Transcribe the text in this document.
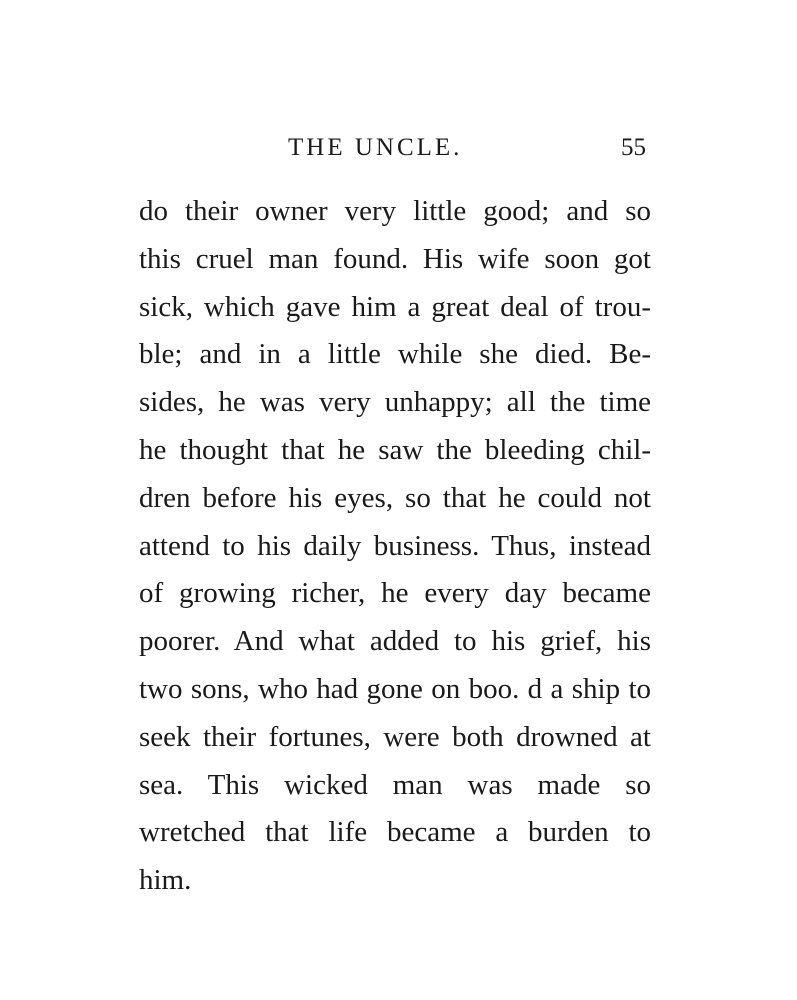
THE UNCLE.	55
do their owner very little good; and so
this cruel man found. His wife soon got
sick, which gave him a great deal of trou-
ble; and in a little while she died. Be-
sides, he was very unhappy; all the time
he thought that he saw the bleeding chil-
dren before his eyes, so that he could not
attend to his daily business. Thus, instead
of growing richer, he every day became
poorer. And what added to his grief, his
two sons, who had gone on boo. d a ship to
seek their fortunes, were both drowned at
sea. This wicked man was made so
wretched that life became a burden to
him.
